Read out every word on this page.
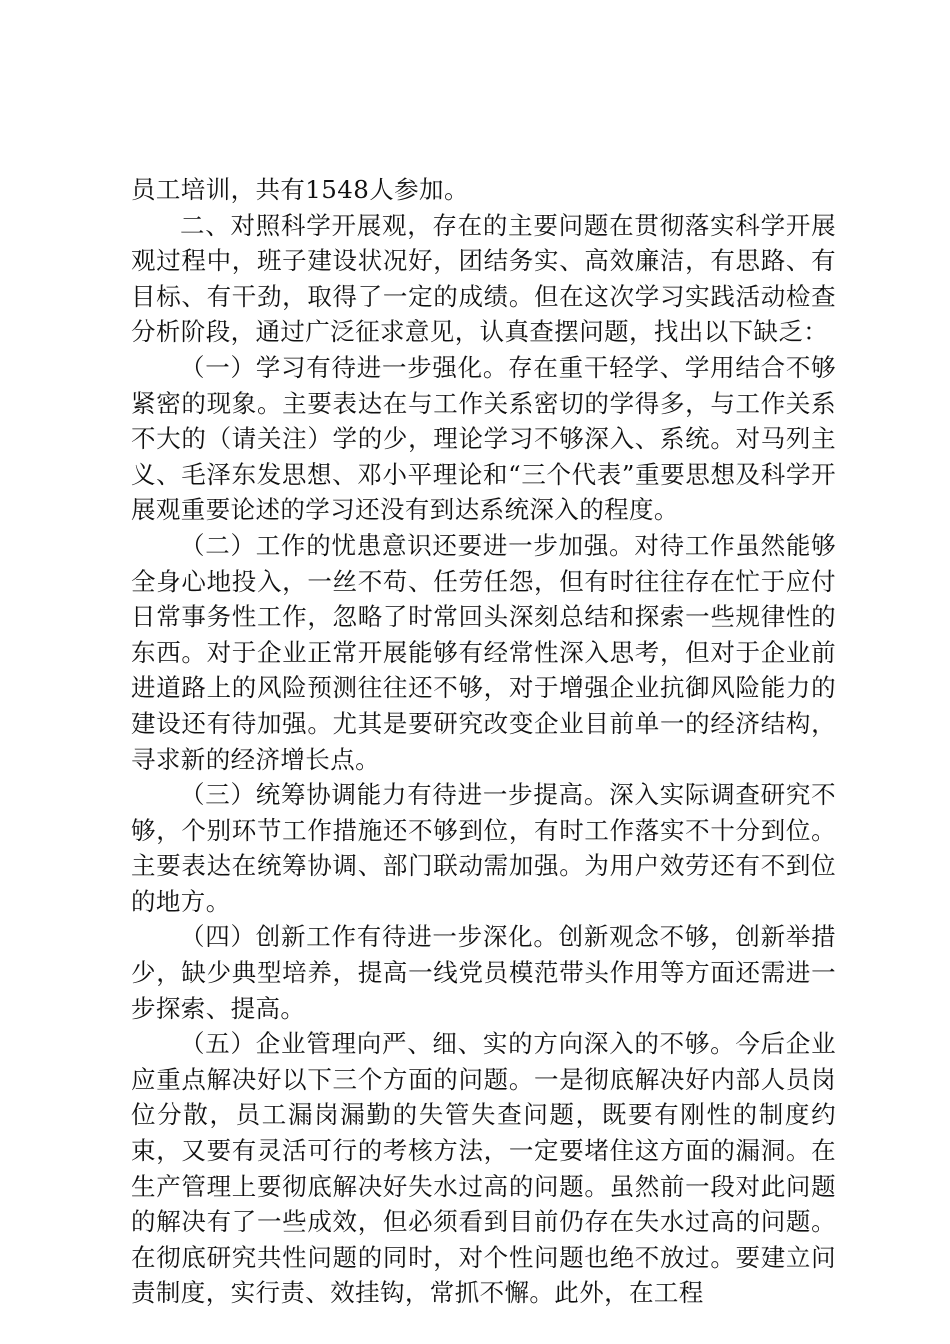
员工培训，共有1548人参加。

二、对照科学开展观，存在的主要问题在贯彻落实科学开展观过程中，班子建设状况好，团结务实、高效廉洁，有思路、有目标、有干劲，取得了一定的成绩。但在这次学习实践活动检查分析阶段，通过广泛征求意见，认真查摆问题，找出以下缺乏：

（一）学习有待进一步强化。存在重干轻学、学用结合不够紧密的现象。主要表达在与工作关系密切的学得多，与工作关系不大的（请关注）学的少，理论学习不够深入、系统。对马列主义、毛泽东发思想、邓小平理论和“三个代表”重要思想及科学开展观重要论述的学习还没有到达系统深入的程度。

（二）工作的忧患意识还要进一步加强。对待工作虽然能够全身心地投入，一丝不苟、任劳任怨，但有时往往存在忙于应付日常事务性工作，忽略了时常回头深刻总结和探索一些规律性的东西。对于企业正常开展能够有经常性深入思考，但对于企业前进道路上的风险预测往往还不够，对于增强企业抗御风险能力的建设还有待加强。尤其是要研究改变企业目前单一的经济结构，寻求新的经济增长点。

（三）统筹协调能力有待进一步提高。深入实际调查研究不够，个别环节工作措施还不够到位，有时工作落实不十分到位。主要表达在统筹协调、部门联动需加强。为用户效劳还有不到位的地方。

（四）创新工作有待进一步深化。创新观念不够，创新举措少，缺少典型培养，提高一线党员模范带头作用等方面还需进一步探索、提高。

（五）企业管理向严、细、实的方向深入的不够。今后企业应重点解决好以下三个方面的问题。一是彻底解决好内部人员岗位分散，员工漏岗漏勤的失管失查问题，既要有刚性的制度约束，又要有灵活可行的考核方法，一定要堵住这方面的漏洞。在生产管理上要彻底解决好失水过高的问题。虽然前一段对此问题的解决有了一些成效，但必须看到目前仍存在失水过高的问题。在彻底研究共性问题的同时，对个性问题也绝不放过。要建立问责制度，实行责、效挂钩，常抓不懈。此外，在工程
